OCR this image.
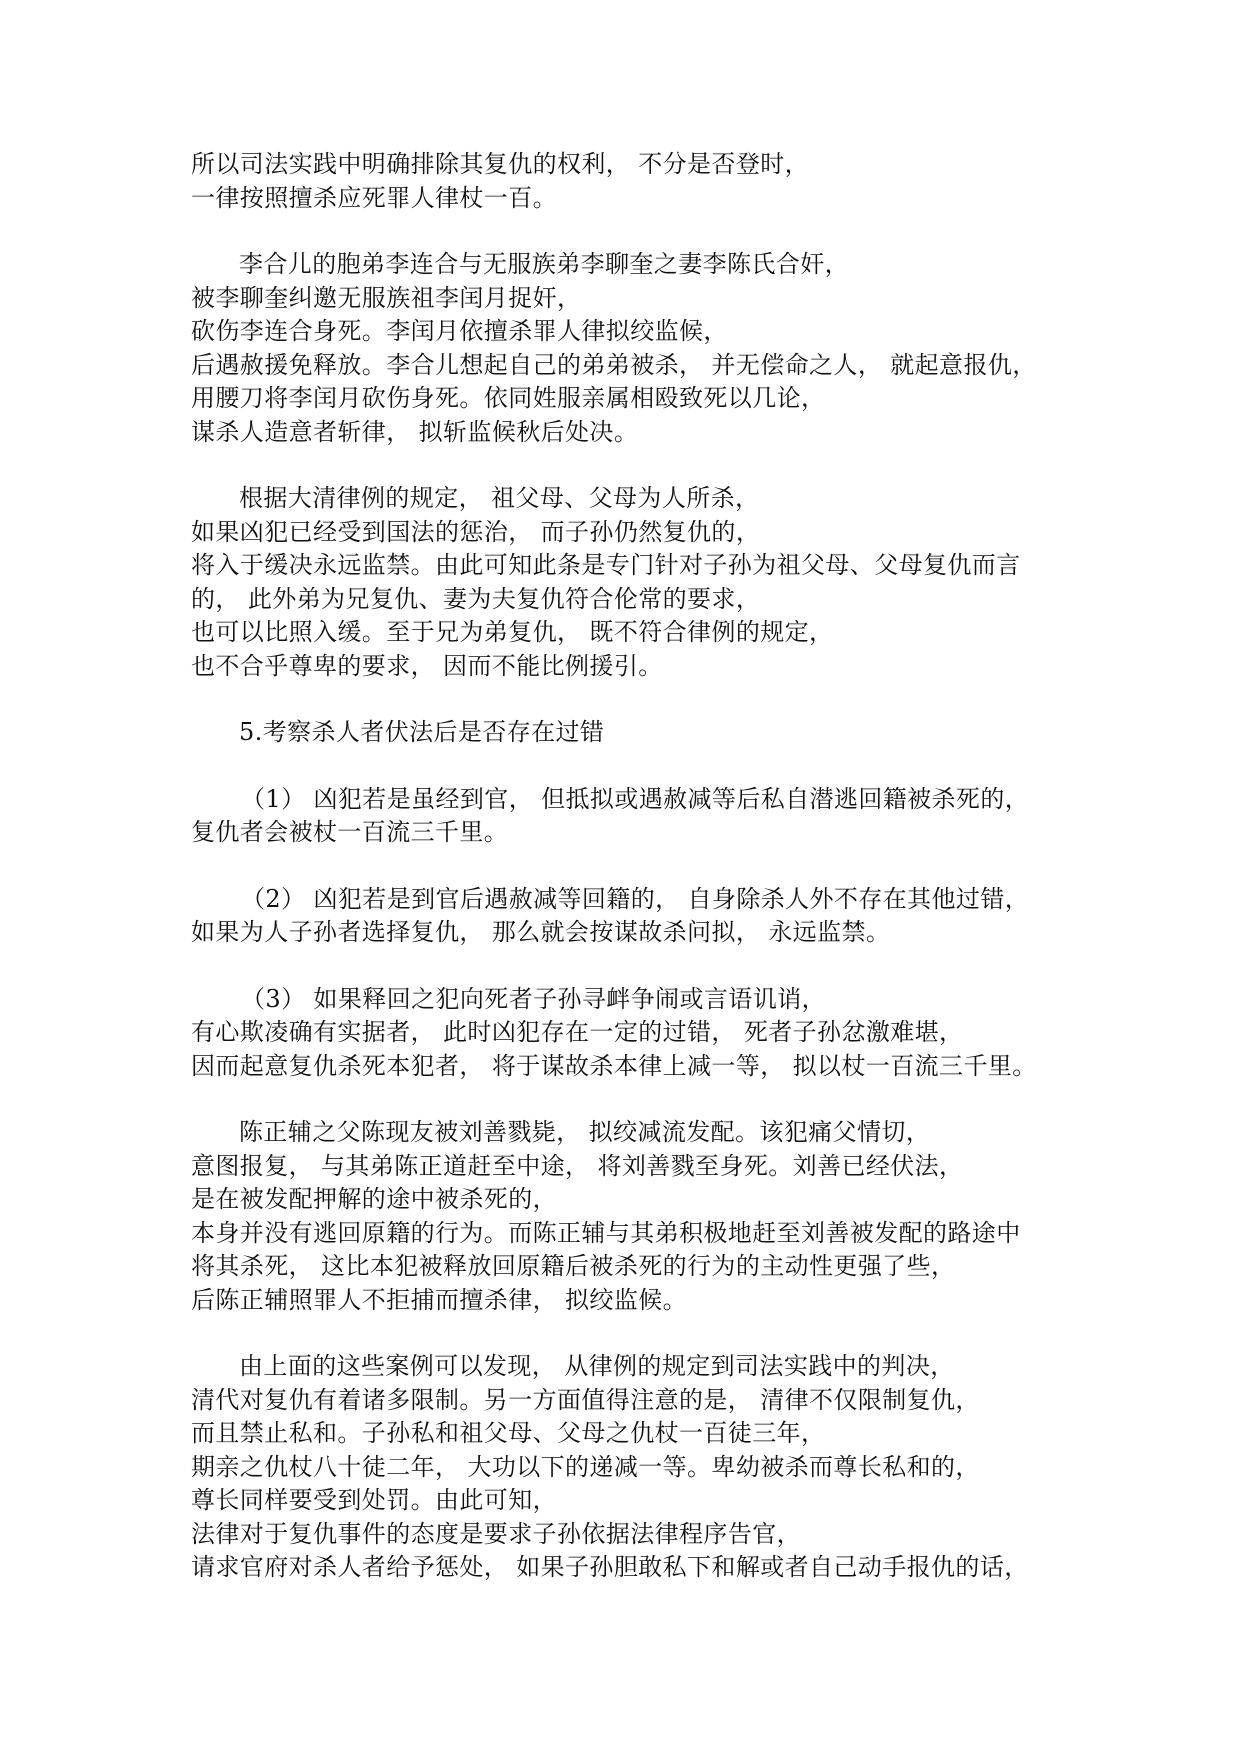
所以司法实践中明确排除其复仇的权利， 不分是否登时，
一律按照擅杀应死罪人律杖一百。
李合儿的胞弟李连合与无服族弟李聊奎之妻李陈氏合奸，
被李聊奎纠邀无服族祖李闰月捉奸，
砍伤李连合身死。李闰月依擅杀罪人律拟绞监候，
后遇赦援免释放。李合儿想起自己的弟弟被杀， 并无偿命之人， 就起意报仇，
用腰刀将李闰月砍伤身死。依同姓服亲属相殴致死以几论，
谋杀人造意者斩律， 拟斩监候秋后处决。
根据大清律例的规定， 祖父母、父母为人所杀，
如果凶犯已经受到国法的惩治， 而子孙仍然复仇的，
将入于缓决永远监禁。由此可知此条是专门针对子孙为祖父母、父母复仇而言
的， 此外弟为兄复仇、妻为夫复仇符合伦常的要求，
也可以比照入缓。至于兄为弟复仇， 既不符合律例的规定，
也不合乎尊卑的要求， 因而不能比例援引。
5.考察杀人者伏法后是否存在过错
（1） 凶犯若是虽经到官， 但抵拟或遇赦减等后私自潜逃回籍被杀死的，
复仇者会被杖一百流三千里。
（2） 凶犯若是到官后遇赦减等回籍的， 自身除杀人外不存在其他过错，
如果为人子孙者选择复仇， 那么就会按谋故杀问拟， 永远监禁。
（3） 如果释回之犯向死者子孙寻衅争闹或言语讥诮，
有心欺凌确有实据者， 此时凶犯存在一定的过错， 死者子孙忿激难堪，
因而起意复仇杀死本犯者， 将于谋故杀本律上减一等， 拟以杖一百流三千里。
陈正辅之父陈现友被刘善戮毙， 拟绞减流发配。该犯痛父情切，
意图报复， 与其弟陈正道赶至中途， 将刘善戮至身死。刘善已经伏法，
是在被发配押解的途中被杀死的，
本身并没有逃回原籍的行为。而陈正辅与其弟积极地赶至刘善被发配的路途中
将其杀死， 这比本犯被释放回原籍后被杀死的行为的主动性更强了些，
后陈正辅照罪人不拒捕而擅杀律， 拟绞监候。
由上面的这些案例可以发现， 从律例的规定到司法实践中的判决，
清代对复仇有着诸多限制。另一方面值得注意的是， 清律不仅限制复仇，
而且禁止私和。子孙私和祖父母、父母之仇杖一百徒三年，
期亲之仇杖八十徒二年， 大功以下的递减一等。卑幼被杀而尊长私和的，
尊长同样要受到处罚。由此可知，
法律对于复仇事件的态度是要求子孙依据法律程序告官，
请求官府对杀人者给予惩处， 如果子孙胆敢私下和解或者自己动手报仇的话，
